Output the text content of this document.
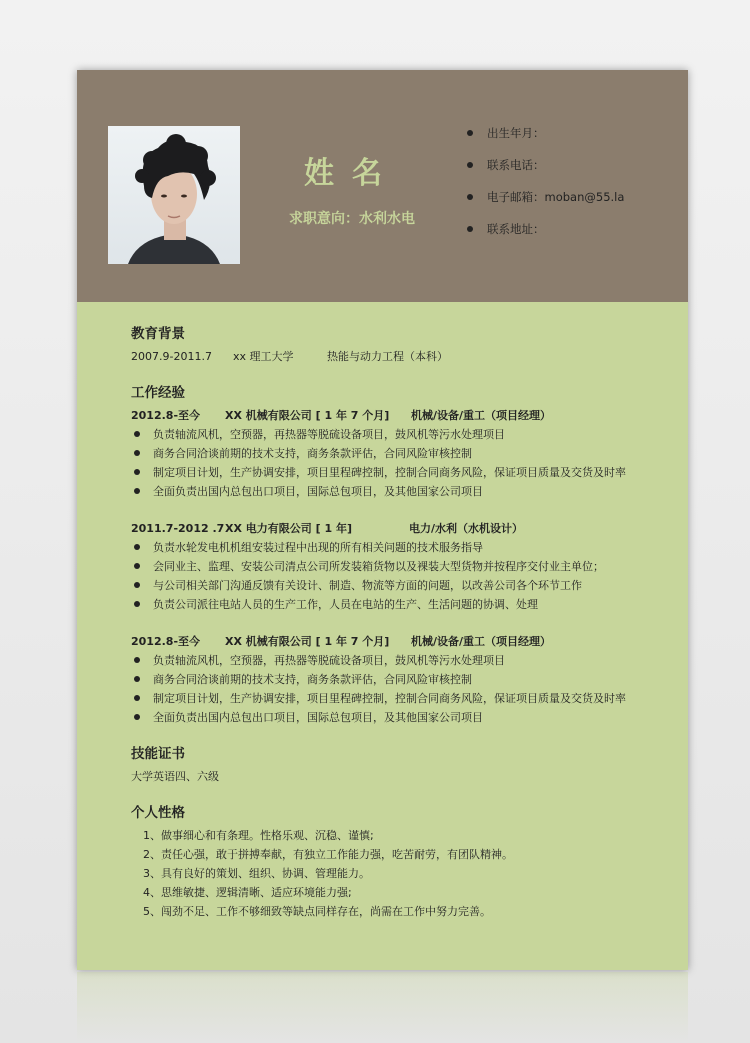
姓名
求职意向：水利水电
出生年月：
联系电话：
电子邮箱：moban@55.la
联系地址：
教育背景
2007.9-2011.7 xx 理工大学	热能与动力工程（本科）
工作经验
2012.8-至今 XX 机械有限公司 [ 1 年 7 个月] 机械/设备/重工（项目经理）
负责轴流风机，空预器，再热器等脱硫设备项目，鼓风机等污水处理项目
商务合同洽谈前期的技术支持，商务条款评估，合同风险审核控制
制定项目计划，生产协调安排，项目里程碑控制，控制合同商务风险，保证项目质量及交货及时率
全面负责出国内总包出口项目，国际总包项目，及其他国家公司项目
2011.7-2012 .7XX 电力有限公司 [ 1 年]	电力/水利（水机设计）
负责水轮发电机机组安装过程中出现的所有相关问题的技术服务指导
会同业主、监理、安装公司清点公司所发装箱货物以及裸装大型货物并按程序交付业主单位；
与公司相关部门沟通反馈有关设计、制造、物流等方面的问题，以改善公司各个环节工作
负责公司派往电站人员的生产工作，人员在电站的生产、生活问题的协调、处理
2012.8-至今 XX 机械有限公司 [ 1 年 7 个月] 机械/设备/重工（项目经理）
负责轴流风机，空预器，再热器等脱硫设备项目，鼓风机等污水处理项目
商务合同洽谈前期的技术支持，商务条款评估，合同风险审核控制
制定项目计划，生产协调安排，项目里程碑控制，控制合同商务风险，保证项目质量及交货及时率
全面负责出国内总包出口项目，国际总包项目，及其他国家公司项目
技能证书
大学英语四、六级
个人性格
1、做事细心和有条理。性格乐观、沉稳、谨慎;
2、责任心强，敢于拼搏奉献，有独立工作能力强，吃苦耐劳，有团队精神。
3、具有良好的策划、组织、协调、管理能力。
4、思维敏捷、逻辑清晰、适应环境能力强;
5、闯劲不足、工作不够细致等缺点同样存在，尚需在工作中努力完善。
